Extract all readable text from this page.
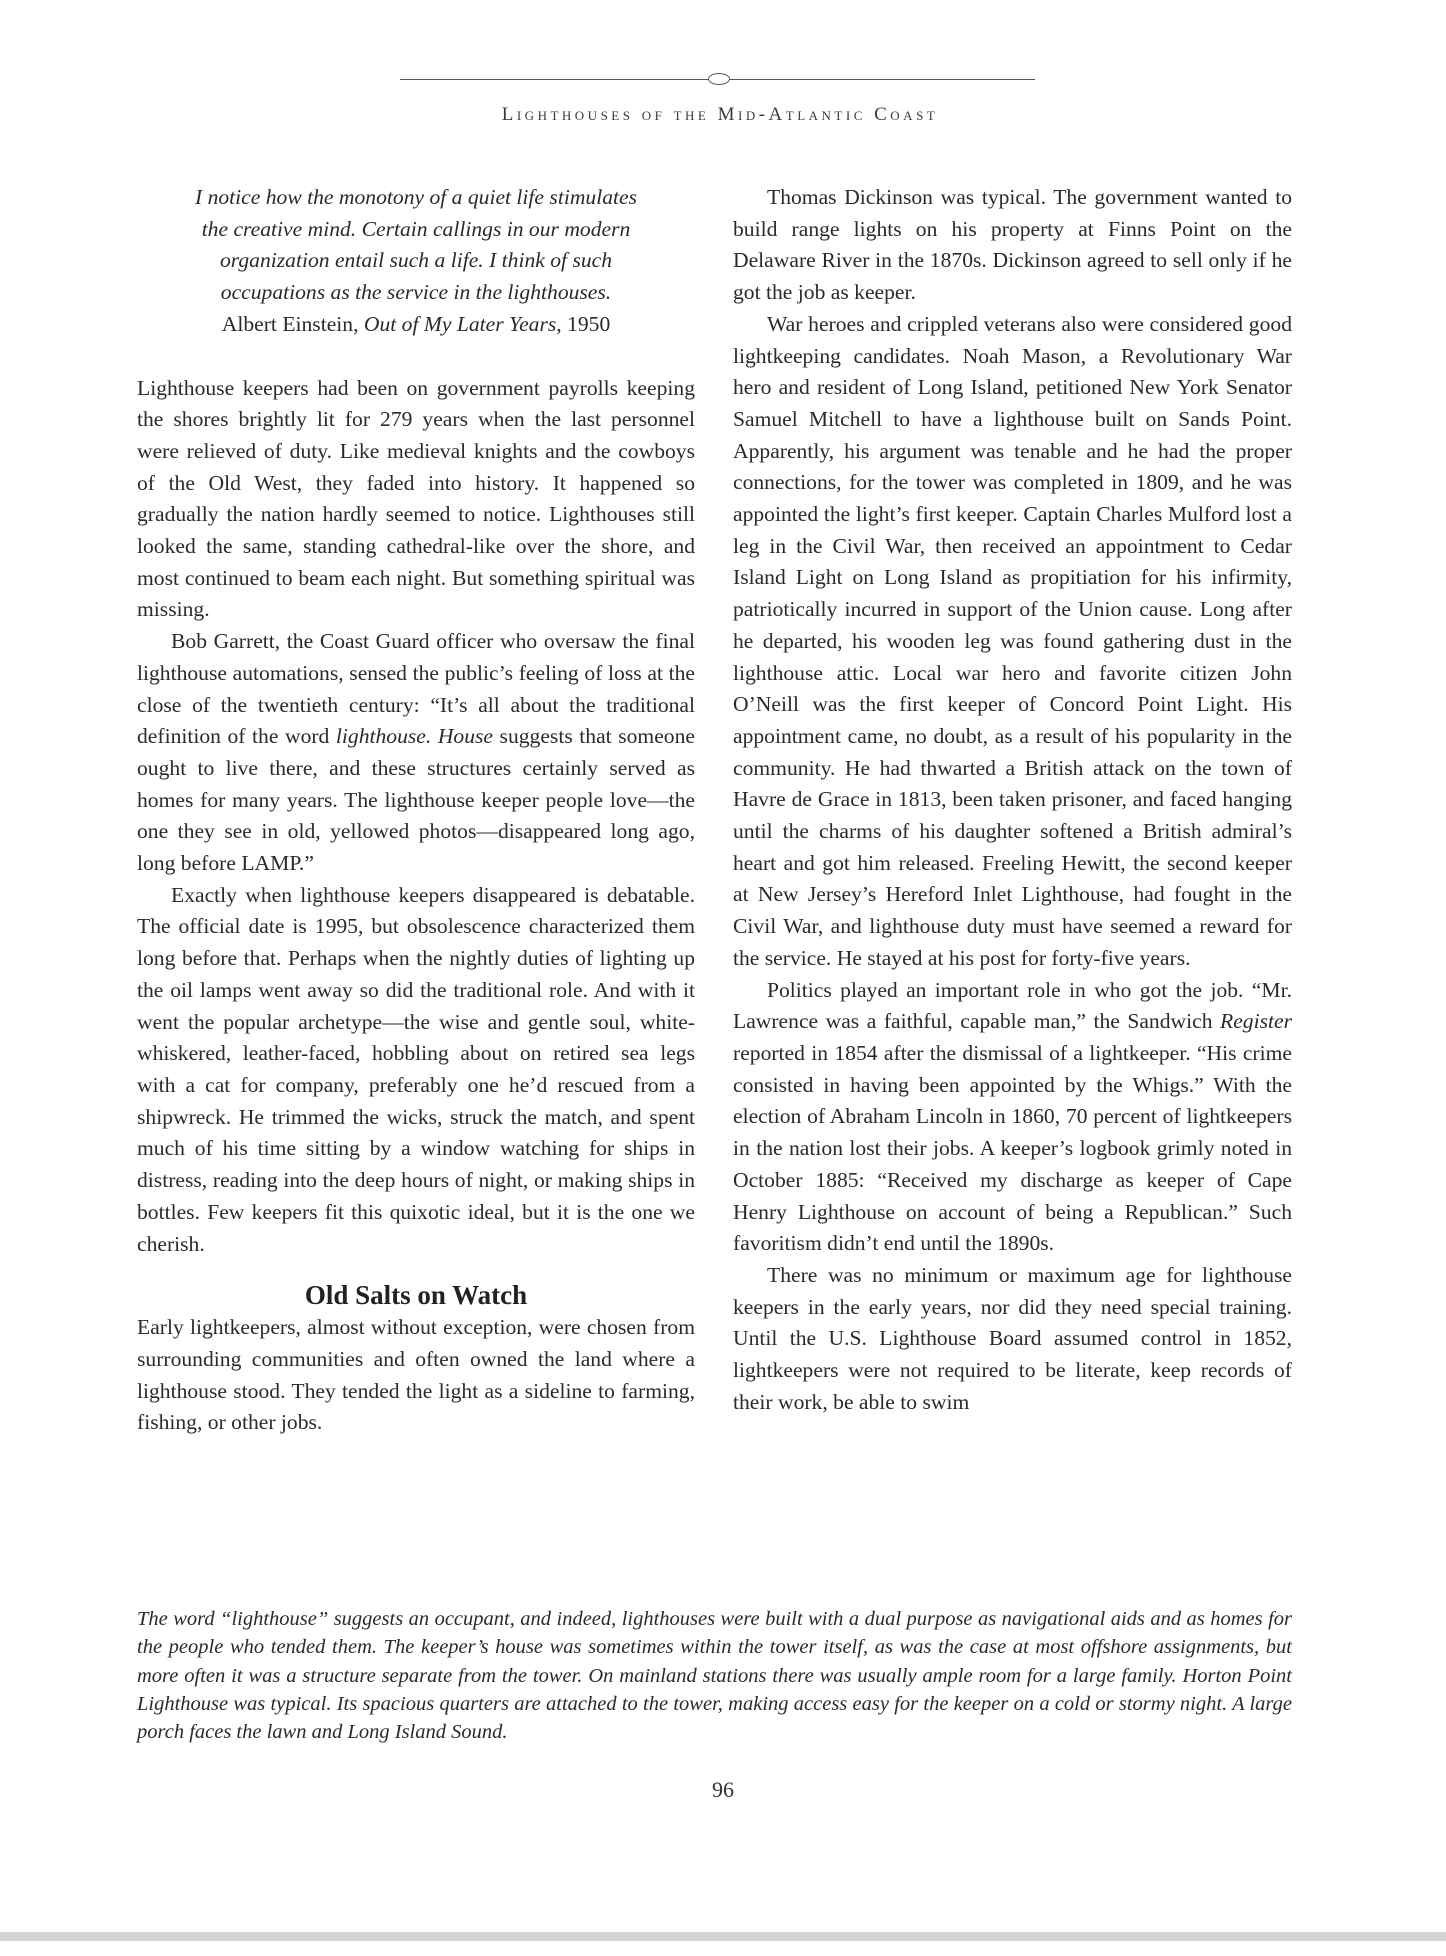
Lighthouses of the Mid-Atlantic Coast
I notice how the monotony of a quiet life stimulates
the creative mind. Certain callings in our modern
organization entail such a life. I think of such
occupations as the service in the lighthouses.
Albert Einstein, Out of My Later Years, 1950

Lighthouse keepers had been on government payrolls keeping the shores brightly lit for 279 years when the last personnel were relieved of duty. Like medieval knights and the cowboys of the Old West, they faded into history. It happened so gradually the nation hardly seemed to notice. Lighthouses still looked the same, standing cathedral-like over the shore, and most continued to beam each night. But something spiritual was missing.

Bob Garrett, the Coast Guard officer who oversaw the final lighthouse automations, sensed the public’s feeling of loss at the close of the twentieth century: “It’s all about the traditional definition of the word lighthouse. House suggests that someone ought to live there, and these structures certainly served as homes for many years. The lighthouse keeper people love—the one they see in old, yellowed photos—disappeared long ago, long before LAMP.”

Exactly when lighthouse keepers disappeared is debatable. The official date is 1995, but obsolescence characterized them long before that. Perhaps when the nightly duties of lighting up the oil lamps went away so did the traditional role. And with it went the popular archetype—the wise and gentle soul, white-whiskered, leather-faced, hobbling about on retired sea legs with a cat for company, preferably one he’d rescued from a shipwreck. He trimmed the wicks, struck the match, and spent much of his time sitting by a window watching for ships in distress, reading into the deep hours of night, or making ships in bottles. Few keepers fit this quixotic ideal, but it is the one we cherish.

Old Salts on Watch

Early lightkeepers, almost without exception, were chosen from surrounding communities and often owned the land where a lighthouse stood. They tended the light as a sideline to farming, fishing, or other jobs.

Thomas Dickinson was typical. The government wanted to build range lights on his property at Finns Point on the Delaware River in the 1870s. Dickinson agreed to sell only if he got the job as keeper.

War heroes and crippled veterans also were considered good lightkeeping candidates. Noah Mason, a Revolutionary War hero and resident of Long Island, petitioned New York Senator Samuel Mitchell to have a lighthouse built on Sands Point. Apparently, his argument was tenable and he had the proper connections, for the tower was completed in 1809, and he was appointed the light’s first keeper. Captain Charles Mulford lost a leg in the Civil War, then received an appointment to Cedar Island Light on Long Island as propitiation for his infirmity, patriotically incurred in support of the Union cause. Long after he departed, his wooden leg was found gathering dust in the lighthouse attic. Local war hero and favorite citizen John O’Neill was the first keeper of Concord Point Light. His appointment came, no doubt, as a result of his popularity in the community. He had thwarted a British attack on the town of Havre de Grace in 1813, been taken prisoner, and faced hanging until the charms of his daughter softened a British admiral’s heart and got him released. Freeling Hewitt, the second keeper at New Jersey’s Hereford Inlet Lighthouse, had fought in the Civil War, and lighthouse duty must have seemed a reward for the service. He stayed at his post for forty-five years.

Politics played an important role in who got the job. “Mr. Lawrence was a faithful, capable man,” the Sandwich Register reported in 1854 after the dismissal of a lightkeeper. “His crime consisted in having been appointed by the Whigs.” With the election of Abraham Lincoln in 1860, 70 percent of lightkeepers in the nation lost their jobs. A keeper’s logbook grimly noted in October 1885: “Received my discharge as keeper of Cape Henry Lighthouse on account of being a Republican.” Such favoritism didn’t end until the 1890s.

There was no minimum or maximum age for lighthouse keepers in the early years, nor did they need special training. Until the U.S. Lighthouse Board assumed control in 1852, lightkeepers were not required to be literate, keep records of their work, be able to swim

The word “lighthouse” suggests an occupant, and indeed, lighthouses were built with a dual purpose as navigational aids and as homes for the people who tended them. The keeper’s house was sometimes within the tower itself, as was the case at most offshore assignments, but more often it was a structure separate from the tower. On mainland stations there was usually ample room for a large family. Horton Point Lighthouse was typical. Its spacious quarters are attached to the tower, making access easy for the keeper on a cold or stormy night. A large porch faces the lawn and Long Island Sound.
96
